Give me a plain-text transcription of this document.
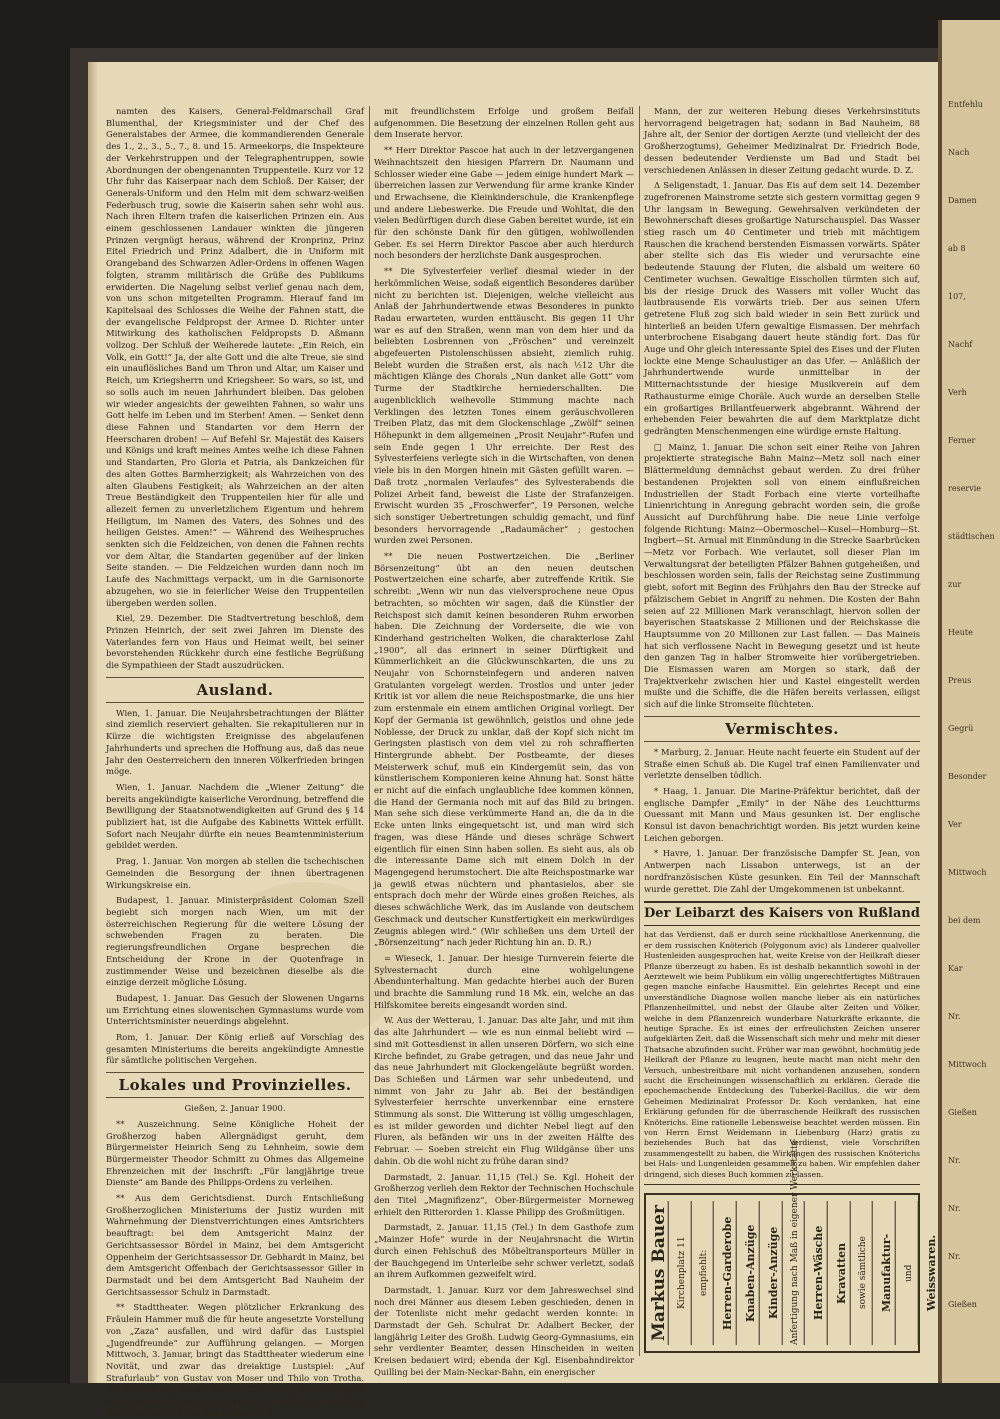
namten des Kaisers, General-Feldmarschall Graf Blumenthal, der Kriegsminister und der Chef des Generalstabes der Armee, die kommandierenden Generale des 1., 2., 3., 5., 7., 8. und 15. Armeekorps, die Inspekteure der Verkehrstruppen und der Telegraphentruppen, sowie Abordnungen der obengenannten Truppenteile. Kurz vor 12 Uhr fuhr das Kaiserpaar nach dem Schloß. Der Kaiser, der Generals-Uniform und den Helm mit dem schwarz-weißen Federbusch trug, sowie die Kaiserin sahen sehr wohl aus. Nach ihren Eltern trafen die kaiserlichen Prinzen ein. Aus einem geschlossenen Landauer winkten die jüngeren Prinzen vergnügt heraus, während der Kronprinz, Prinz Eitel Friedrich und Prinz Adalbert, die in Uniform mit Orangeband des Schwarzen Adler-Ordens in offenen Wagen folgten, stramm militärisch die Grüße des Publikums erwiderten. Die Nagelung selbst verlief genau nach dem, von uns schon mitgeteilten Programm. Hierauf fand im Kapitelsaal des Schlosses die Weihe der Fahnen statt, die der evangelische Feldpropst der Armee D. Richter unter Mitwirkung des katholischen Feldpropsts D. Aßmann vollzog. Der Schluß der Weiherede lautete: „Ein Reich, ein Volk, ein Gott!“ Ja, der alte Gott und die alte Treue, sie sind ein unauflösliches Band um Thron und Altar, um Kaiser und Reich, um Kriegsherrn und Kriegsheer. So wars, so ist, und so solls auch im neuen Jahrhundert bleiben. Das geloben wir wieder angesichts der geweihten Fahnen, so wahr uns Gott helfe im Leben und im Sterben! Amen. — Senket denn diese Fahnen und Standarten vor dem Herrn der Heerscharen droben! — Auf Befehl Sr. Majestät des Kaisers und Königs und kraft meines Amtes weihe ich diese Fahnen und Standarten, Pro Gloria et Patria, als Dankzeichen für des alten Gottes Barmherzigkeit; als Wahrzeichen von des alten Glaubens Festigkeit; als Wahrzeichen an der alten Treue Beständigkeit den Truppenteilen hier für alle und allezeit fernen zu unverletzlichem Eigentum und hehrem Heiligtum, im Namen des Vaters, des Sohnes und des heiligen Geistes. Amen!“ — Während des Weihespruches senkten sich die Feldzeichen, von denen die Fahnen rechts vor dem Altar, die Standarten gegenüber auf der linken Seite standen. — Die Feldzeichen wurden dann noch im Laufe des Nachmittags verpackt, um in die Garnisonorte abzugehen, wo sie in feierlicher Weise den Truppenteilen übergeben werden sollen.

Kiel, 29. Dezember. Die Stadtvertretung beschloß, dem Prinzen Heinrich, der seit zwei Jahren im Dienste des Vaterlandes fern von Haus und Heimat weilt, bei seiner bevorstehenden Rückkehr durch eine festliche Begrüßung die Sympathieen der Stadt auszudrücken.

Ausland.

Wien, 1. Januar. Die Neujahrsbetrachtungen der Blätter sind ziemlich reserviert gehalten. Sie rekapitulieren nur in Kürze die wichtigsten Ereignisse des abgelaufenen Jahrhunderts und sprechen die Hoffnung aus, daß das neue Jahr den Oesterreichern den inneren Völkerfrieden bringen möge.

Wien, 1. Januar. Nachdem die „Wiener Zeitung“ die bereits angekündigte kaiserliche Verordnung, betreffend die Bewilligung der Staatsnotwendigkeiten auf Grund des § 14 publiziert hat, ist die Aufgabe des Kabinetts Wittek erfüllt. Sofort nach Neujahr dürfte ein neues Beamtenministerium gebildet werden.

Prag, 1. Januar. Von morgen ab stellen die tschechischen Gemeinden die Besorgung der ihnen übertragenen Wirkungskreise ein.

Budapest, 1. Januar. Ministerpräsident Coloman Szell begiebt sich morgen nach Wien, um mit der österreichischen Regierung für die weitere Lösung der schwebenden Fragen zu beraten. Die regierungsfreundlichen Organe besprechen die Entscheidung der Krone in der Quotenfrage in zustimmender Weise und bezeichnen dieselbe als die einzige derzeit mögliche Lösung.

Budapest, 1. Januar. Das Gesuch der Slowenen Ungarns um Errichtung eines slowenischen Gymnasiums wurde vom Unterrichtsminister neuerdings abgelehnt.

Rom, 1. Januar. Der König erließ auf Vorschlag des gesamten Ministeriums die bereits angekündigte Amnestie für sämtliche politischen Vergehen.

Lokales und Provinzielles.
Gießen, 2. Januar 1900.

** Auszeichnung. Seine Königliche Hoheit der Großherzog haben Allergnädigst geruht, dem Bürgermeister Heinrich Seng zu Lehnheim, sowie dem Bürgermeister Theodor Schmitt zu Ohmes das Allgemeine Ehrenzeichen mit der Inschrift: „Für langjährige treue Dienste“ am Bande des Philipps-Ordens zu verleihen.

** Aus dem Gerichtsdienst. Durch Entschließung Großherzoglichen Ministeriums der Justiz wurden mit Wahrnehmung der Dienstverrichtungen eines Amtsrichters beauftragt: bei dem Amtsgericht Mainz der Gerichtsassessor Bördel in Mainz, bei dem Amtsgericht Oppenheim der Gerichtsassessor Dr. Gebhardt in Mainz, bei dem Amtsgericht Offenbach der Gerichtsassessor Giller in Darmstadt und bei dem Amtsgericht Bad Nauheim der Gerichtsassessor Schulz in Darmstadt.

** Stadttheater. Wegen plötzlicher Erkrankung des Fräulein Hammer muß die für heute angesetzte Vorstellung von „Zaza“ ausfallen, und wird dafür das Lustspiel „Jugendfreunde“ zur Aufführung gelangen. — Morgen Mittwoch, 3. Januar, bringt das Stadttheater wiederum eine Novität, und zwar das dreiaktige Lustspiel: „Auf Strafurlaub“ von Gustav von Moser und Thilo von Trotha. Die Novität hat in der kurzen Zeit ihres Bestehens sich bereits einen Platz in dem Repertoire sämtlicher namhaften Bühnen gesichert und wurde allüberall

mit freundlichstem Erfolge und großem Beifall aufgenommen. Die Besetzung der einzelnen Rollen geht aus dem Inserate hervor.

** Herr Direktor Pascoe hat auch in der letzvergangenen Weihnachtszeit den hiesigen Pfarrern Dr. Naumann und Schlosser wieder eine Gabe — jedem einige hundert Mark — überreichen lassen zur Verwendung für arme kranke Kinder und Erwachsene, die Kleinkinderschule, die Krankenpflege und andere Liebeswerke. Die Freude und Wohltat, die den vielen Bedürftigen durch diese Gaben bereitet wurde, ist ein für den schönste Dank für den gütigen, wohlwollenden Geber. Es sei Herrn Direktor Pascoe aber auch hierdurch noch besonders der herzlichste Dank ausgesprochen.

** Die Sylvesterfeier verlief diesmal wieder in der herkömmlichen Weise, sodaß eigentlich Besonderes darüber nicht zu berichten ist. Diejenigen, welche vielleicht aus Anlaß der Jahrhundertwende etwas Besonderes in punkto Radau erwarteten, wurden enttäuscht. Bis gegen 11 Uhr war es auf den Straßen, wenn man von dem hier und da beliebten Losbrennen von „Fröschen“ und vereinzelt abgefeuerten Pistolenschüssen absieht, ziemlich ruhig. Belebt wurden die Straßen erst, als nach ½12 Uhr die mächtigen Klänge des Chorals „Nun danket alle Gott“ vom Turme der Stadtkirche herniederschallten. Die augenblicklich weihevolle Stimmung machte nach Verklingen des letzten Tones einem geräuschvolleren Treiben Platz, das mit dem Glockenschlage „Zwölf“ seinen Höhepunkt in dem allgemeinen „Prosit Neujahr“-Rufen und sein Ende gegen 1 Uhr erreichte. Der Rest des Sylvesterfeiens verlegte sich in die Wirtschaften, von denen viele bis in den Morgen hinein mit Gästen gefüllt waren. — Daß trotz „normalen Verlaufes“ des Sylvesterabends die Polizei Arbeit fand, beweist die Liste der Strafanzeigen. Erwischt wurden 35 „Froschwerfer“, 19 Personen, welche sich sonstiger Uebertretungen schuldig gemacht, und fünf besonders hervorragende „Radaumächer“ ; gestochen wurden zwei Personen.

** Die neuen Postwertzeichen. Die „Berliner Börsenzeitung“ übt an den neuen deutschen Postwertzeichen eine scharfe, aber zutreffende Kritik. Sie schreibt: „Wenn wir nun das vielversprochene neue Opus betrachten, so möchten wir sagen, daß die Künstler der Reichspost sich damit keinen besonderen Ruhm erworben haben. Die Zeichnung der Vorderseite, die wie von Kinderhand gestrichelten Wolken, die charakterlose Zahl „1900“, all das erinnert in seiner Dürftigkeit und Kümmerlichkeit an die Glückwunschkarten, die uns zu Neujahr von Schornsteinfegern und anderen naiven Gratulanten vorgelegt werden. Trostlos und unter jeder Kritik ist vor allem die neue Reichspostmarke, die uns hier zum erstenmale ein einem amtlichen Original vorliegt. Der Kopf der Germania ist gewöhnlich, geistlos und ohne jede Noblesse, der Druck zu unklar, daß der Kopf sich nicht im Geringsten plastisch von dem viel zu roh schraffierten Hintergrunde abhebt. Der Postbeamte, der dieses Meisterwerk schuf, muß ein Kindergemüt sein, das von künstlerischem Komponieren keine Ahnung hat. Sonst hätte er nicht auf die einfach unglaubliche Idee kommen können, die Hand der Germania noch mit auf das Bild zu bringen. Man sehe sich diese verkümmerte Hand an, die da in die Ecke unten links eingequetscht ist, und man wird sich fragen, was diese Hände und dieses schräge Schwert eigentlich für einen Sinn haben sollen. Es sieht aus, als ob die interessante Dame sich mit einem Dolch in der Magengegend herumstochert. Die alte Reichspostmarke war ja gewiß etwas nüchtern und phantasielos, aber sie entsprach doch mehr der Würde eines großen Reiches, als dieses schwächliche Werk, das im Auslande von deutschem Geschmack und deutscher Kunstfertigkeit ein merkwürdiges Zeugnis ablegen wird.“ (Wir schließen uns dem Urteil der „Börsenzeitung“ nach jeder Richtung hin an. D. R.)

= Wieseck, 1. Januar. Der hiesige Turnverein feierte die Sylvesternacht durch eine wohlgelungene Abendunterhaltung. Man gedachte hierbei auch der Buren und brachte die Sammlung rund 18 Mk. ein, welche an das Hilfskomitee bereits eingesandt worden sind.

W. Aus der Wetterau, 1. Januar. Das alte Jahr, und mit ihm das alte Jahrhundert — wie es nun einmal beliebt wird — sind mit Gottesdienst in allen unseren Dörfern, wo sich eine Kirche befindet, zu Grabe getragen, und das neue Jahr und das neue Jahrhundert mit Glockengeläute begrüßt worden. Das Schießen und Lärmen war sehr unbedeutend, und nimmt von Jahr zu Jahr ab. Bei der beständigen Sylvesterfeier herrschte unverkennbar eine ernstere Stimmung als sonst. Die Witterung ist völlig umgeschlagen, es ist milder geworden und dichter Nebel liegt auf den Fluren, als befänden wir uns in der zweiten Hälfte des Februar. — Soeben streicht ein Flug Wildgänse über uns dahin. Ob die wohl nicht zu frühe daran sind?

Darmstadt, 2. Januar. 11,15 (Tel.) Se. Kgl. Hoheit der Großherzog verlieh dem Rektor der Technischen Hochschule den Titel „Magnifizenz“, Ober-Bürgermeister Morneweg erhielt den Ritterorden 1. Klasse Philipp des Großmütigen.

Darmstadt, 2. Januar. 11,15 (Tel.) In dem Gasthofe zum „Mainzer Hofe“ wurde in der Neujahrsnacht die Wirtin durch einen Fehlschuß des Möbeltransporteurs Müller in der Bauchgegend im Unterleibe sehr schwer verletzt, sodaß an ihrem Aufkommen gezweifelt wird.

Darmstadt, 1. Januar. Kurz vor dem Jahreswechsel sind noch drei Männer aus diesem Leben geschieden, denen in der Totenliste nicht mehr gedacht werden konnte: in Darmstadt der Geh. Schulrat Dr. Adalbert Becker, der langjährig Leiter des Großh. Ludwig Georg-Gymnasiums, ein sehr verdienter Beamter, dessen Hinscheiden in weiten Kreisen bedauert wird; ebenda der Kgl. Eisenbahndirektor Quilling bei der Main-Neckar-Bahn, ein energischer

Mann, der zur weiteren Hebung dieses Verkehrsinstituts hervorragend beigetragen hat; sodann in Bad Nauheim, 88 Jahre alt, der Senior der dortigen Aerzte (und vielleicht der des Großherzogtums), Geheimer Medizinalrat Dr. Friedrich Bode, dessen bedeutender Verdienste um Bad und Stadt bei verschiedenen Anlässen in dieser Zeitung gedacht wurde. D. Z.

Δ Seligenstadt, 1. Januar. Das Eis auf dem seit 14. Dezember zugefrorenen Mainstrome setzte sich gestern vormittag gegen 9 Uhr langsam in Bewegung. Gewehrsalven verkündeten der Bewohnerschaft dieses großartige Naturschauspiel. Das Wasser stieg rasch um 40 Centimeter und trieb mit mächtigem Rauschen die krachend berstenden Eismassen vorwärts. Später aber stellte sich das Eis wieder und verursachte eine bedeutende Stauung der Fluten, die alsbald um weitere 60 Centimeter wuchsen. Gewaltige Eisschollen türmten sich auf, bis der riesige Druck des Wassers mit voller Wucht das lautbrausende Eis vorwärts trieb. Der aus seinen Ufern getretene Fluß zog sich bald wieder in sein Bett zurück und hinterließ an beiden Ufern gewaltige Eismassen. Der mehrfach unterbrochene Eisabgang dauert heute ständig fort. Das für Auge und Ohr gleich interessante Spiel des Eises und der Fluten lockte eine Menge Schaulustiger an das Ufer. — Anläßlich der Jahrhundertwende wurde unmittelbar in der Mitternachtsstunde der hiesige Musikverein auf dem Rathausturme einige Choräle. Auch wurde an derselben Stelle ein großartiges Brillantfeuerwerk abgebrannt. Während der erhebenden Feier bewahrten die auf dem Marktplatze dicht gedrängten Menschenmengen eine würdige ernste Haltung.

□ Mainz, 1. Januar. Die schon seit einer Reihe von Jahren projektierte strategische Bahn Mainz—Metz soll nach einer Blättermeldung demnächst gebaut werden. Zu drei früher bestandenen Projekten soll von einem einflußreichen Industriellen der Stadt Forbach eine vierte vorteilhafte Linienrichtung in Anregung gebracht worden sein, die große Aussicht auf Durchführung habe. Die neue Linie verfolge folgende Richtung: Mainz—Obermoschel—Kusel—Homburg—St. Ingbert—St. Arnual mit Einmündung in die Strecke Saarbrücken—Metz vor Forbach. Wie verlautet, soll dieser Plan im Verwaltungsrat der beteiligten Pfälzer Bahnen gutgeheißen, und beschlossen worden sein, falls der Reichstag seine Zustimmung giebt, sofort mit Beginn des Frühjahrs den Bau der Strecke auf pfälzischem Gebiet in Angriff zu nehmen. Die Kosten der Bahn seien auf 22 Millionen Mark veranschlagt, hiervon sollen der bayerischen Staatskasse 2 Millionen und der Reichskasse die Hauptsumme von 20 Millionen zur Last fallen. — Das Maineis hat sich verflossene Nacht in Bewegung gesetzt und ist heute den ganzen Tag in halber Stromweite hier vorübergetrieben. Die Eismassen waren am Morgen so stark, daß der Trajektverkehr zwischen hier und Kastel eingestellt werden mußte und die Schiffe, die die Häfen bereits verlassen, eiligst sich auf die linke Stromseite flüchteten.

Vermischtes.

* Marburg, 2. Januar. Heute nacht feuerte ein Student auf der Straße einen Schuß ab. Die Kugel traf einen Familienvater und verletzte denselben tödlich.

* Haag, 1. Januar. Die Marine-Präfektur berichtet, daß der englische Dampfer „Emily“ in der Nähe des Leuchtturms Ouessant mit Mann und Maus gesunken ist. Der englische Konsul ist davon benachrichtigt worden. Bis jetzt wurden keine Leichen geborgen.

* Havre, 1. Januar. Der französische Dampfer St. Jean, von Antwerpen nach Lissabon unterwegs, ist an der nordfranzösischen Küste gesunken. Ein Teil der Mannschaft wurde gerettet. Die Zahl der Umgekommenen ist unbekannt.

Der Leibarzt des Kaisers von Rußland
hat das Verdienst, daß er durch seine rückhaltlose Anerkennung, die er dem russischen Knöterich (Polygonum avic) als Linderer qualvoller Hustenleiden ausgesprochen hat, weite Kreise von der Heilkraft dieser Pflanze überzeugt zu haben. Es ist deshalb bekanntlich sowohl in der Aerztewelt wie beim Publikum ein völlig ungerechtfertigtes Mißtrauen gegen manche einfache Hausmittel. Ein gelehrtes Recept und eine unverständliche Diagnose wollen manche lieber als ein natürliches Pflanzenheilmittel, und nebst der Glaube alter Zeiten und Völker, welche in dem Pflanzenreich wunderbare Naturkräfte erkannte, die heutige Sprache. Es ist eines der erfreulichsten Zeichen unserer aufgeklärten Zeit, daß die Wissenschaft sich mehr und mehr mit dieser Thatsache abzufinden sucht. Früher war man gewöhnt, hochmütig jede Heilkraft der Pflanze zu leugnen, heute macht man nicht mehr den Versuch, unbestreitbare mit nicht vorhandenen anzusehen, sondern sucht die Erscheinungen wissenschaftlich zu erklären. Gerade die epochemachende Entdeckung des Tuberkel-Bacillus, die wir dem Geheimen Medizinalrat Professor Dr. Koch verdanken, hat eine Erklärung gefunden für die überraschende Heilkraft des russischen Knöterichs. Eine rationelle Lebensweise beachtet werden müssen. Ein von Herrn Ernst Weidemann in Liebenburg (Harz) gratis zu beziehendes Buch hat das Verdienst, viele Vorschriften zusammengestellt zu haben, die Wirkungen des russischen Knöterichs bei Hals- und Lungenleiden gesammelt zu haben. Wir empfehlen daher dringend, sich dieses Buch kommen zu lassen.
Markus Bauer Kirchenplatz 11	empfiehlt:	Herren-Garderobe Knaben-Anzüge Kinder-Anzüge	Anfertigung nach Maß in eigener Werkstätte	Herren-Wäsche Kravatten	sowie sämtliche	Manufaktur-	und	Weisswaren.
Entfehlu
Nach
Damen
ab 8
107,
Nachf
Verh
Ferner
reservie
städtischen
zur
Heute
Preus
Gegrü
Besonder
Ver
Mittwoch
bei dem
Kar
Nr.
Mittwoch
Gießen
Nr.
Nr.
Nr.
Gießen
